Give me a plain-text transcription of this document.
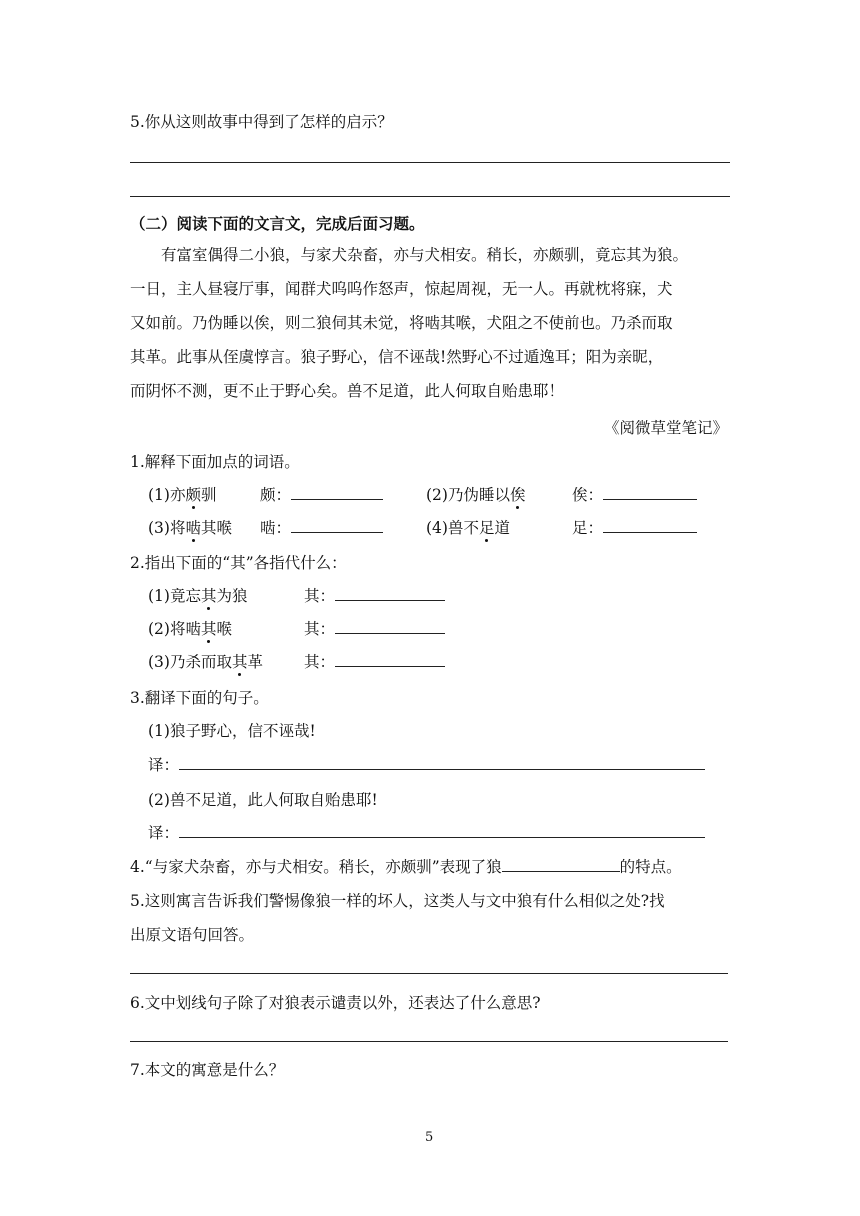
5.你从这则故事中得到了怎样的启示？
（二）阅读下面的文言文，完成后面习题。
有富室偶得二小狼，与家犬杂畜，亦与犬相安。稍长，亦颇驯，竟忘其为狼。
一日，主人昼寝厅事，闻群犬呜呜作怒声，惊起周视，无一人。再就枕将寐，犬
又如前。乃伪睡以俟，则二狼伺其未觉，将啮其喉，犬阻之不使前也。乃杀而取
其革。此事从侄虞惇言。狼子野心，信不诬哉!然野心不过遁逸耳；阳为亲昵，
而阴怀不测，更不止于野心矣。兽不足道，此人何取自贻患耶！
《阅微草堂笔记》
1.解释下面加点的词语。
(1)亦颇驯	颇：	(2)乃伪睡以俟	俟：
(3)将啮其喉 啮：	(4)兽不足道	足：
2.指出下面的“其”各指代什么：
(1)竟忘其为狼	其：
(2)将啮其喉	其：
(3)乃杀而取其革	其：
3.翻译下面的句子。
(1)狼子野心，信不诬哉!
译：
(2)兽不足道，此人何取自贻患耶!
译：
4.“与家犬杂畜，亦与犬相安。稍长，亦颇驯”表现了狼	的特点。
5.这则寓言告诉我们警惕像狼一样的坏人，这类人与文中狼有什么相似之处?找
出原文语句回答。
6.文中划线句子除了对狼表示谴责以外，还表达了什么意思?
7.本文的寓意是什么？
5
